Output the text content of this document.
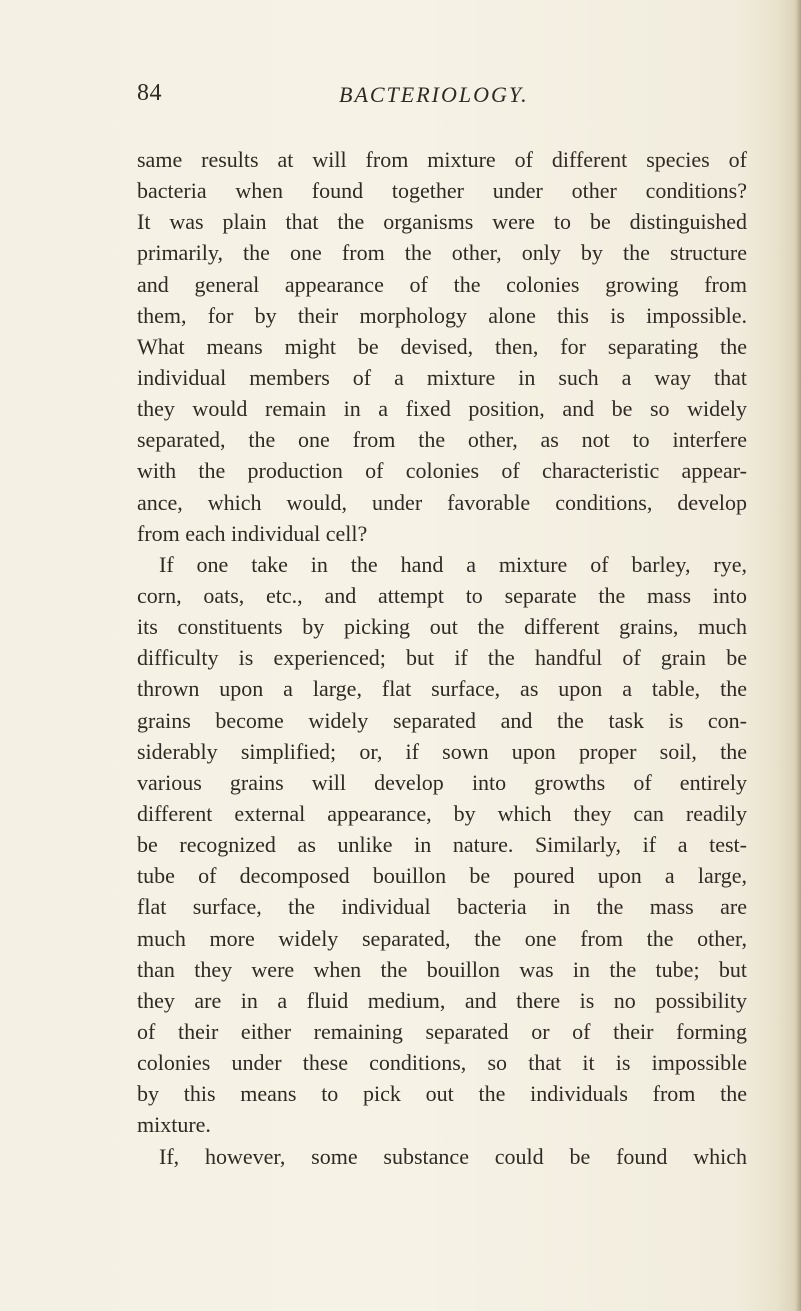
84	BACTERIOLOGY.
same results at will from mixture of different species of
bacteria when found together under other conditions?
It was plain that the organisms were to be distinguished
primarily, the one from the other, only by the structure
and general appearance of the colonies growing from
them, for by their morphology alone this is impossible.
What means might be devised, then, for separating the
individual members of a mixture in such a way that
they would remain in a fixed position, and be so widely
separated, the one from the other, as not to interfere
with the production of colonies of characteristic appear-
ance, which would, under favorable conditions, develop
from each individual cell?
If one take in the hand a mixture of barley, rye,
corn, oats, etc., and attempt to separate the mass into
its constituents by picking out the different grains, much
difficulty is experienced; but if the handful of grain be
thrown upon a large, flat surface, as upon a table, the
grains become widely separated and the task is con-
siderably simplified; or, if sown upon proper soil, the
various grains will develop into growths of entirely
different external appearance, by which they can readily
be recognized as unlike in nature. Similarly, if a test-
tube of decomposed bouillon be poured upon a large,
flat surface, the individual bacteria in the mass are
much more widely separated, the one from the other,
than they were when the bouillon was in the tube; but
they are in a fluid medium, and there is no possibility
of their either remaining separated or of their forming
colonies under these conditions, so that it is impossible
by this means to pick out the individuals from the
mixture.
If, however, some substance could be found which
